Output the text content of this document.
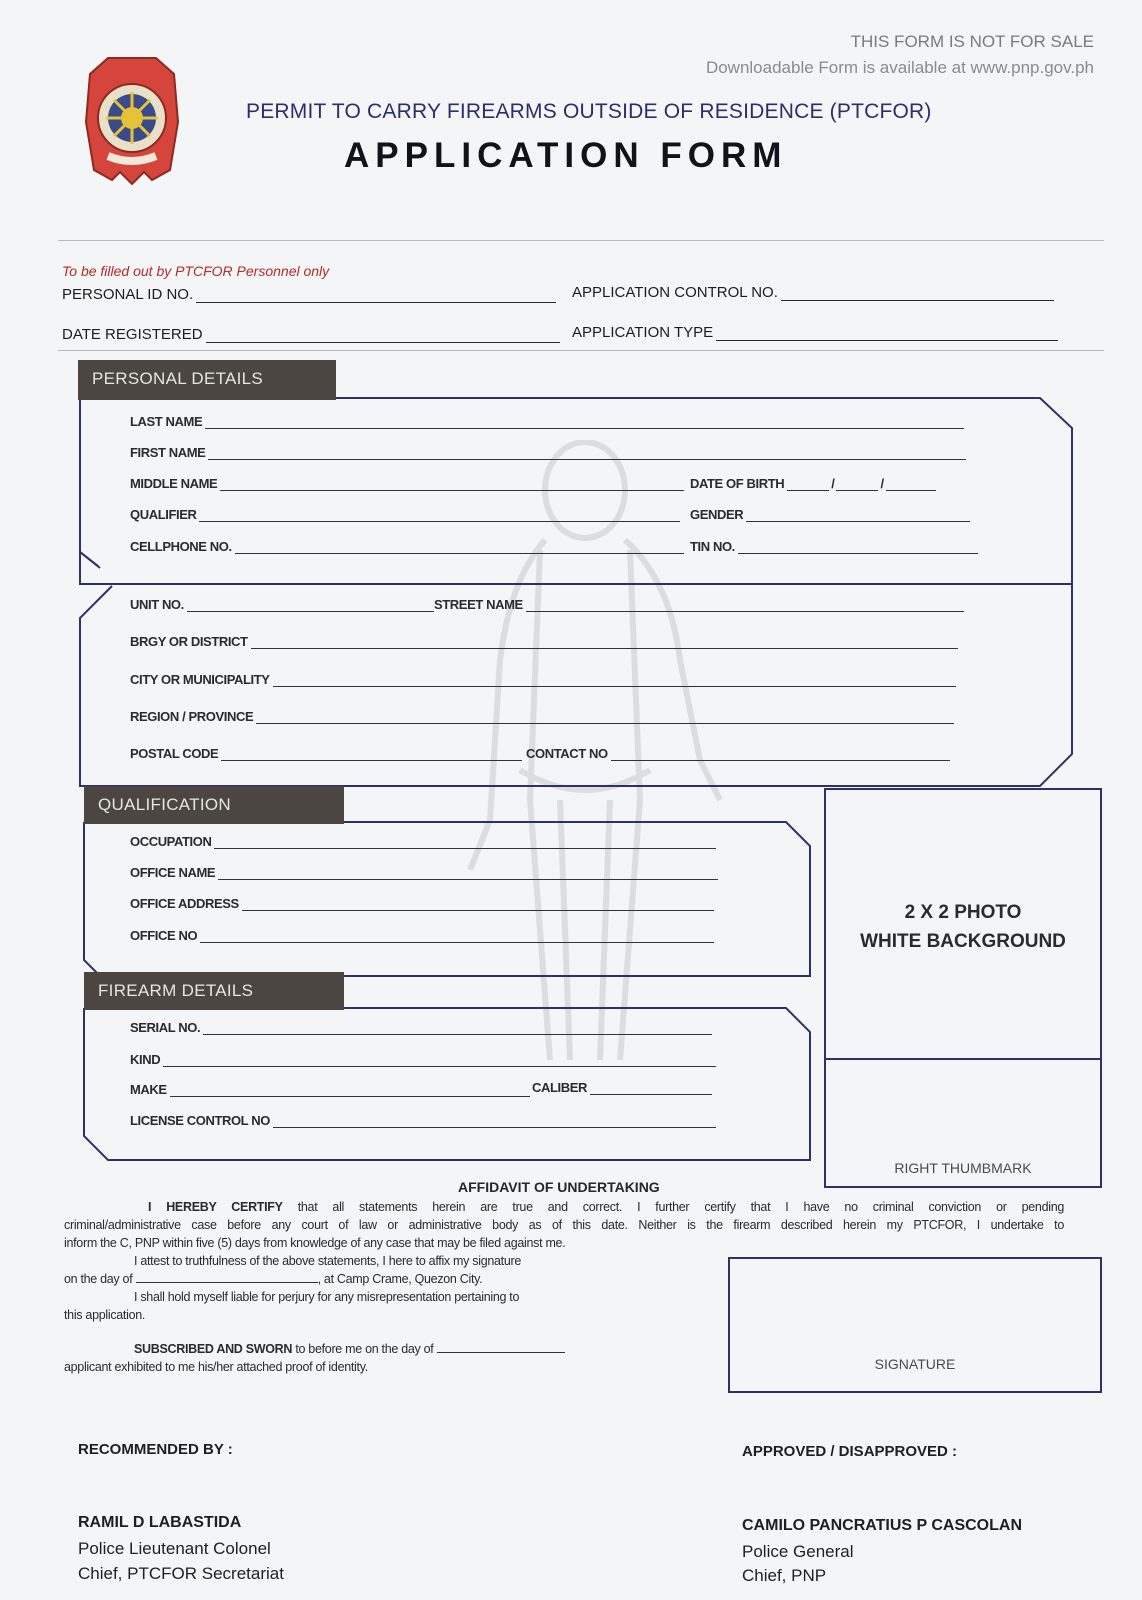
THIS FORM IS NOT FOR SALE
Downloadable Form is available at www.pnp.gov.ph
PERMIT TO CARRY FIREARMS OUTSIDE OF RESIDENCE (PTCFOR)
APPLICATION FORM
To be filled out by PTCFOR Personnel only
PERSONAL ID NO.	APPLICATION CONTROL NO.
DATE REGISTERED	APPLICATION TYPE
PERSONAL DETAILS
LAST NAME
FIRST NAME
MIDDLE NAME	DATE OF BIRTH	/	/
QUALIFIER	GENDER
CELLPHONE NO.	TIN NO.
UNIT NO.	STREET NAME
BRGY OR DISTRICT
CITY OR MUNICIPALITY
REGION / PROVINCE
POSTAL CODE	CONTACT NO
QUALIFICATION
OCCUPATION
OFFICE NAME
OFFICE ADDRESS
OFFICE NO
FIREARM DETAILS
SERIAL NO.
KIND
MAKE	CALIBER
LICENSE CONTROL NO
2 X 2 PHOTO
WHITE BACKGROUND
RIGHT THUMBMARK
AFFIDAVIT OF UNDERTAKING
I HEREBY CERTIFY that all statements herein are true and correct. I further certify that I have no criminal conviction or pending
criminal/administrative case before any court of law or administrative body as of this date. Neither is the firearm described herein my PTCFOR, I undertake to
inform the C, PNP within five (5) days from knowledge of any case that may be filed against me.
I attest to truthfulness of the above statements, I here to affix my signature
on the day of	, at Camp Crame, Quezon City.
I shall hold myself liable for perjury for any misrepresentation pertaining to
this application.
SUBSCRIBED AND SWORN to before me on the day of
applicant exhibited to me his/her attached proof of identity.	SIGNATURE
RECOMMENDED BY :
RAMIL D LABASTIDA
Police Lieutenant Colonel
Chief, PTCFOR Secretariat
APPROVED / DISAPPROVED :
CAMILO PANCRATIUS P CASCOLAN
Police General
Chief, PNP
